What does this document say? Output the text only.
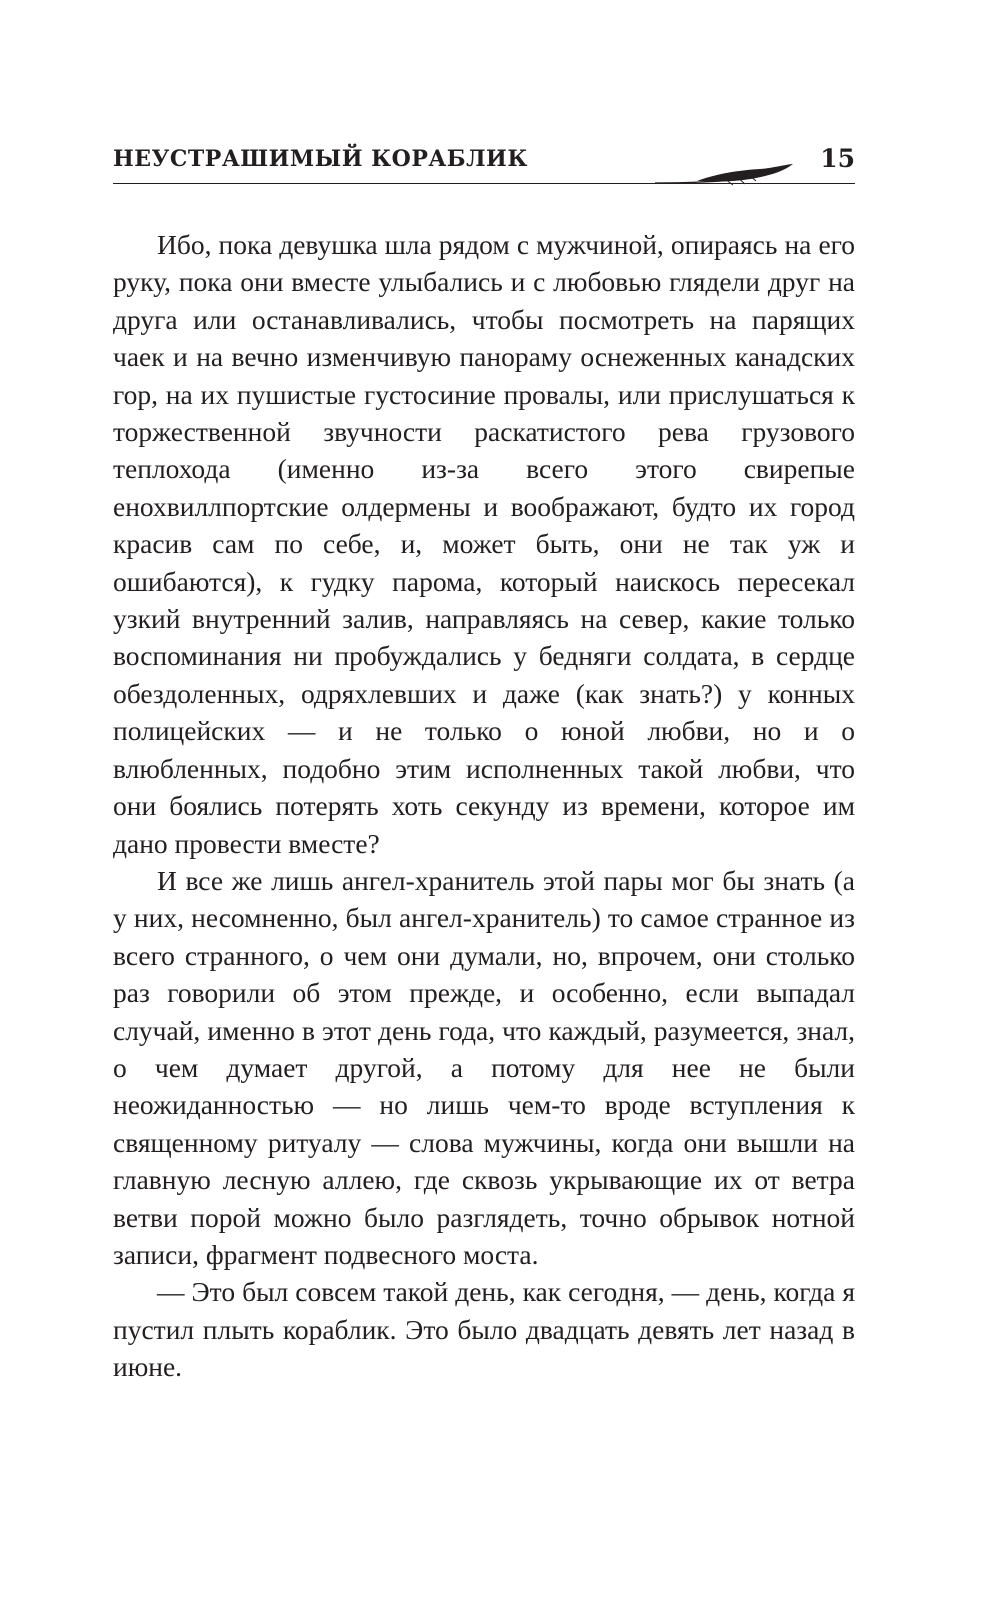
НЕУСТРАШИМЫЙ КОРАБЛИК	15

Ибо, пока девушка шла рядом с мужчиной, опираясь на его руку, пока они вместе улыбались и с любовью глядели друг на друга или останавливались, чтобы посмотреть на парящих чаек и на вечно изменчивую панораму оснеженных канадских гор, на их пушистые густосиние провалы, или прислушаться к торжественной звучности раскатистого рева грузового теплохода (именно из-за всего этого свирепые енохвиллпортские олдермены и воображают, будто их город красив сам по себе, и, может быть, они не так уж и ошибаются), к гудку парома, который наискось пересекал узкий внутренний залив, направляясь на север, какие только воспоминания ни пробуждались у бедняги солдата, в сердце обездоленных, одряхлевших и даже (как знать?) у конных полицейских — и не только о юной любви, но и о влюбленных, подобно этим исполненных такой любви, что они боялись потерять хоть секунду из времени, которое им дано провести вместе?

И все же лишь ангел-хранитель этой пары мог бы знать (а у них, несомненно, был ангел-хранитель) то самое странное из всего странного, о чем они думали, но, впрочем, они столько раз говорили об этом прежде, и особенно, если выпадал случай, именно в этот день года, что каждый, разумеется, знал, о чем думает другой, а потому для нее не были неожиданностью — но лишь чем-то вроде вступления к священному ритуалу — слова мужчины, когда они вышли на главную лесную аллею, где сквозь укрывающие их от ветра ветви порой можно было разглядеть, точно обрывок нотной записи, фрагмент подвесного моста.

— Это был совсем такой день, как сегодня, — день, когда я пустил плыть кораблик. Это было двадцать девять лет назад в июне.
